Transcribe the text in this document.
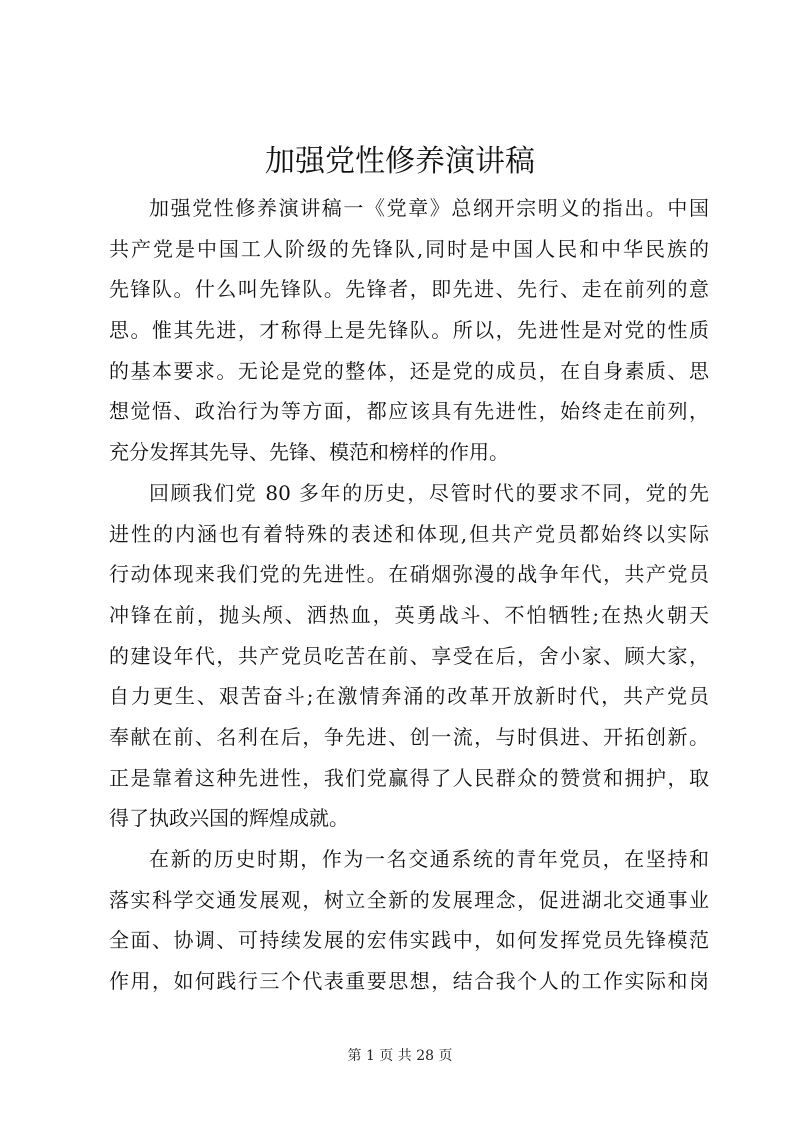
加强党性修养演讲稿
加强党性修养演讲稿一《党章》总纲开宗明义的指出。中国
共产党是中国工人阶级的先锋队,同时是中国人民和中华民族的
先锋队。什么叫先锋队。先锋者，即先进、先行、走在前列的意
思。惟其先进，才称得上是先锋队。所以，先进性是对党的性质
的基本要求。无论是党的整体，还是党的成员，在自身素质、思
想觉悟、政治行为等方面，都应该具有先进性，始终走在前列，
充分发挥其先导、先锋、模范和榜样的作用。
回顾我们党 80 多年的历史，尽管时代的要求不同，党的先
进性的内涵也有着特殊的表述和体现,但共产党员都始终以实际
行动体现来我们党的先进性。在硝烟弥漫的战争年代，共产党员
冲锋在前，抛头颅、洒热血，英勇战斗、不怕牺牲;在热火朝天
的建设年代，共产党员吃苦在前、享受在后，舍小家、顾大家，
自力更生、艰苦奋斗;在激情奔涌的改革开放新时代，共产党员
奉献在前、名利在后，争先进、创一流，与时俱进、开拓创新。
正是靠着这种先进性，我们党赢得了人民群众的赞赏和拥护，取
得了执政兴国的辉煌成就。
在新的历史时期，作为一名交通系统的青年党员，在坚持和
落实科学交通发展观，树立全新的发展理念，促进湖北交通事业
全面、协调、可持续发展的宏伟实践中，如何发挥党员先锋模范
作用，如何践行三个代表重要思想，结合我个人的工作实际和岗
第 1 页 共 28 页
